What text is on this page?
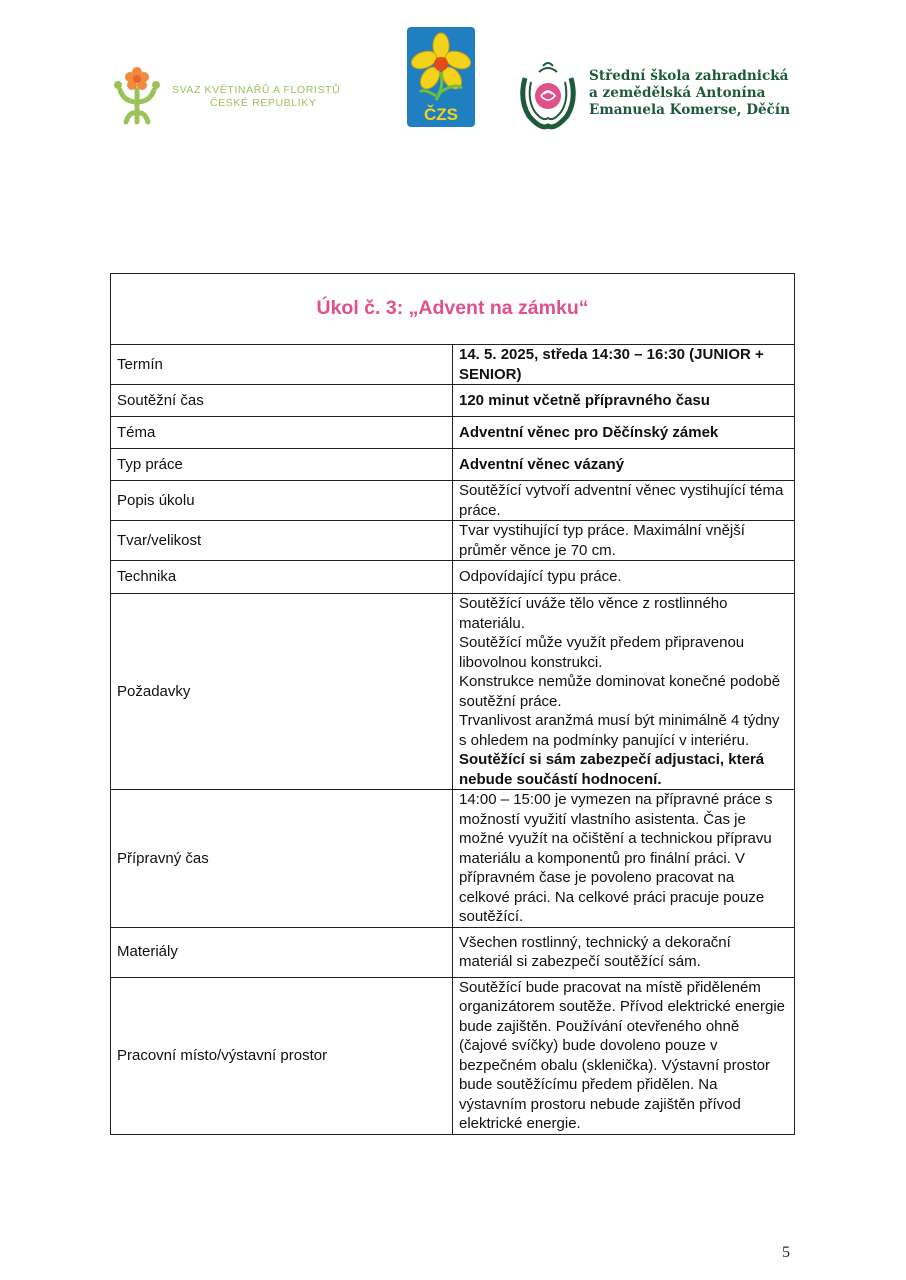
SVAZ KVĚTINÁŘŮ A FLORISTŮ
ČESKÉ REPUBLIKY
ČZS
Střední škola zahradnická
a zemědělská Antonína
Emanuela Komerse, Děčín
Úkol č. 3: „Advent na zámku“	
Termín	14. 5. 2025, středa 14:30 – 16:30 (JUNIOR + SENIOR)
Soutěžní čas	120 minut včetně přípravného času
Téma	Adventní věnec pro Děčínský zámek
Typ práce	Adventní věnec vázaný
Popis úkolu	Soutěžící vytvoří adventní věnec vystihující téma práce.
Tvar/velikost	Tvar vystihující typ práce. Maximální vnější průměr věnce je 70 cm.
Technika	Odpovídající typu práce.
Požadavky	Soutěžící uváže tělo věnce z rostlinného materiálu.
Soutěžící může využít předem připravenou libovolnou konstrukci.
Konstrukce nemůže dominovat konečné podobě soutěžní práce.
Trvanlivost aranžmá musí být minimálně 4 týdny s ohledem na podmínky panující v interiéru.
Soutěžící si sám zabezpečí adjustaci, která nebude součástí hodnocení.

Přípravný čas	14:00 – 15:00 je vymezen na přípravné práce s možností využití vlastního asistenta. Čas je možné využít na očištění a technickou přípravu materiálu a komponentů pro finální práci. V přípravném čase je povoleno pracovat na celkové práci. Na celkové práci pracuje pouze soutěžící.
Materiály	Všechen rostlinný, technický a dekorační materiál si zabezpečí soutěžící sám.
Pracovní místo/výstavní prostor	Soutěžící bude pracovat na místě přiděleném organizátorem soutěže. Přívod elektrické energie bude zajištěn. Používání otevřeného ohně (čajové svíčky) bude dovoleno pouze v bezpečném obalu (sklenička). Výstavní prostor bude soutěžícímu předem přidělen. Na výstavním prostoru nebude zajištěn přívod elektrické energie.
5
